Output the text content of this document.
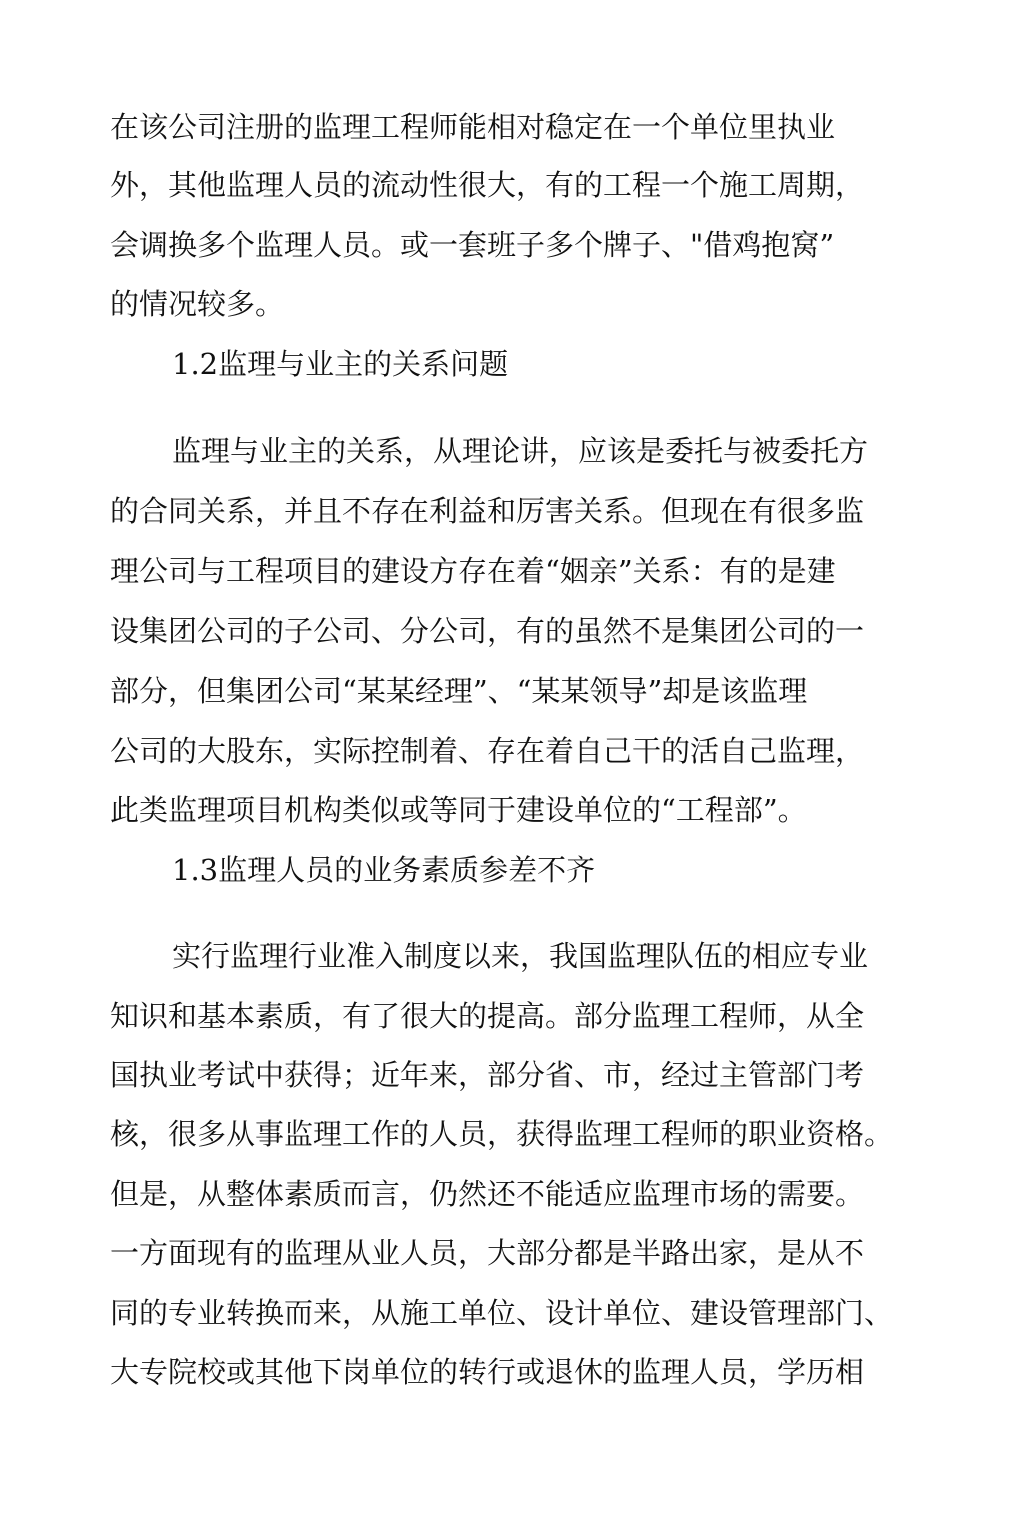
在该公司注册的监理工程师能相对稳定在一个单位里执业
外，其他监理人员的流动性很大，有的工程一个施工周期，
会调换多个监理人员。或一套班子多个牌子、"借鸡抱窝”
的情况较多。
1.2监理与业主的关系问题
监理与业主的关系，从理论讲，应该是委托与被委托方
的合同关系，并且不存在利益和厉害关系。但现在有很多监
理公司与工程项目的建设方存在着“姻亲”关系：有的是建
设集团公司的子公司、分公司，有的虽然不是集团公司的一
部分，但集团公司“某某经理”、“某某领导”却是该监理
公司的大股东，实际控制着、存在着自己干的活自己监理，
此类监理项目机构类似或等同于建设单位的“工程部”。
1.3监理人员的业务素质参差不齐
实行监理行业准入制度以来，我国监理队伍的相应专业
知识和基本素质，有了很大的提高。部分监理工程师，从全
国执业考试中获得；近年来，部分省、市，经过主管部门考
核，很多从事监理工作的人员，获得监理工程师的职业资格。
但是，从整体素质而言，仍然还不能适应监理市场的需要。
一方面现有的监理从业人员，大部分都是半路出家，是从不
同的专业转换而来，从施工单位、设计单位、建设管理部门、
大专院校或其他下岗单位的转行或退休的监理人员，学历相
